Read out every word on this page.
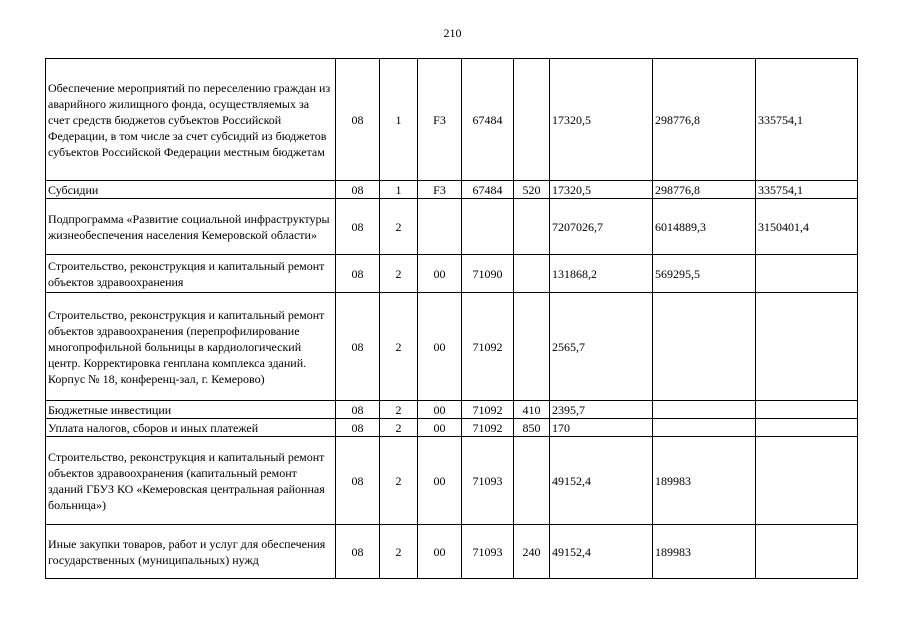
210
Обеспечение мероприятий по переселению граждан из аварийного жилищного фонда, осуществляемых за счет средств бюджетов субъектов Российской Федерации, в том числе за счет субсидий из бюджетов субъектов Российской Федерации местным бюджетам	08	1	F3	67484		17320,5	298776,8	335754,1
Субсидии	08	1	F3	67484	520	17320,5	298776,8	335754,1
Подпрограмма «Развитие социальной инфраструктуры жизнеобеспечения населения Кемеровской области»	08	2				7207026,7	6014889,3	3150401,4
Строительство, реконструкция и капитальный ремонт объектов здравоохранения	08	2	00	71090		131868,2	569295,5	
Строительство, реконструкция и капитальный ремонт объектов здравоохранения (перепрофилирование многопрофильной больницы в кардиологический центр. Корректировка генплана комплекса зданий. Корпус № 18, конференц-зал, г. Кемерово)	08	2	00	71092		2565,7		
Бюджетные инвестиции	08	2	00	71092	410	2395,7		
Уплата налогов, сборов и иных платежей	08	2	00	71092	850	170		
Строительство, реконструкция и капитальный ремонт объектов здравоохранения (капитальный ремонт зданий ГБУЗ КО «Кемеровская центральная районная больница»)	08	2	00	71093		49152,4	189983	
Иные закупки товаров, работ и услуг для обеспечения государственных (муниципальных) нужд	08	2	00	71093	240	49152,4	189983	
